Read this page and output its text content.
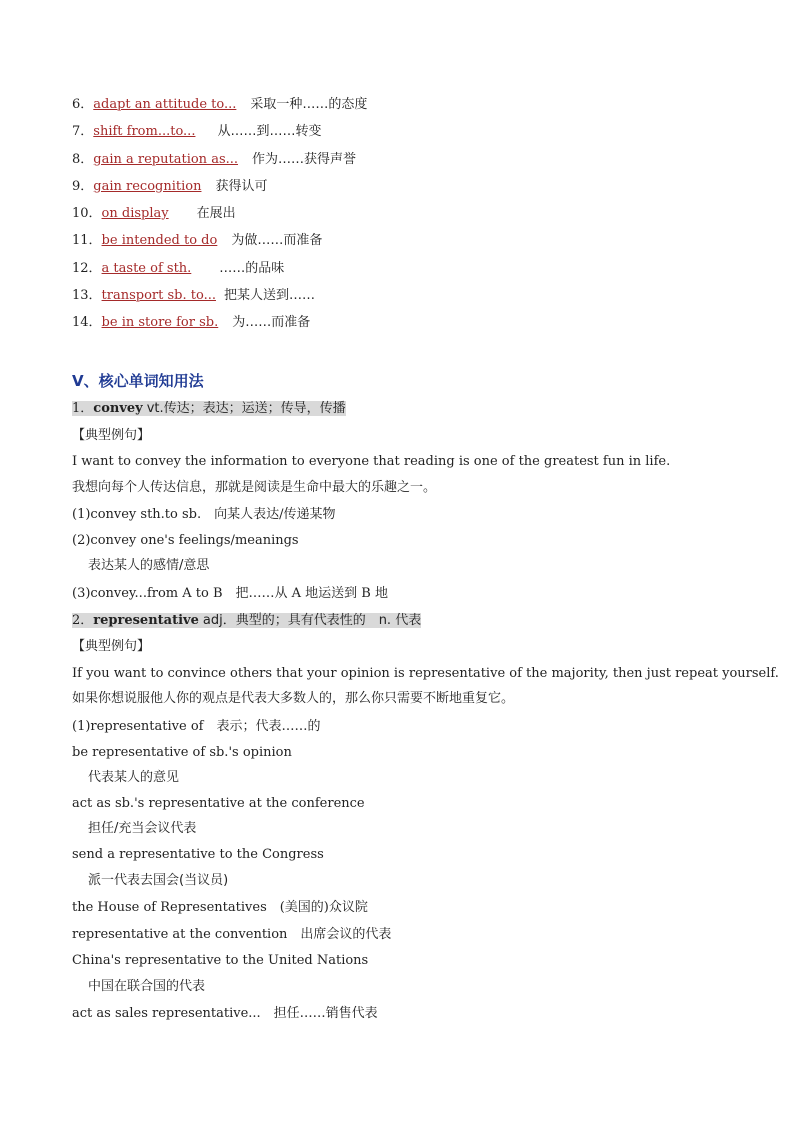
6．adapt an attitude to... 采取一种……的态度
7．shift from...to... 从……到……转变
8．gain a reputation as... 作为……获得声誉
9．gain recognition 获得认可
10．on display 在展出
11．be intended to do 为做……而准备
12．a taste of sth. ……的品味
13．transport sb. to... 把某人送到……
14．be in store for sb. 为……而准备
Ⅴ、核心单词知用法
1．convey vt.传达；表达；运送；传导，传播
【典型例句】
I want to convey the information to everyone that reading is one of the greatest fun in life.
我想向每个人传达信息，那就是阅读是生命中最大的乐趣之一。
(1)convey sth.to sb.　向某人表达/传递某物
(2)convey one's feelings/meanings
表达某人的感情/意思
(3)convey...from A to B　把……从 A 地运送到 B 地
2．representative adj．典型的；具有代表性的　n. 代表
【典型例句】
If you want to convince others that your opinion is representative of the majority, then just repeat yourself.
如果你想说服他人你的观点是代表大多数人的，那么你只需要不断地重复它。
(1)representative of　表示；代表……的
be representative of sb.'s opinion
代表某人的意见
act as sb.'s representative at the conference
担任/充当会议代表
send a representative to the Congress
派一代表去国会(当议员)
the House of Representatives　(美国的)众议院
representative at the convention　出席会议的代表
China's representative to the United Nations
中国在联合国的代表
act as sales representative...　担任……销售代表
